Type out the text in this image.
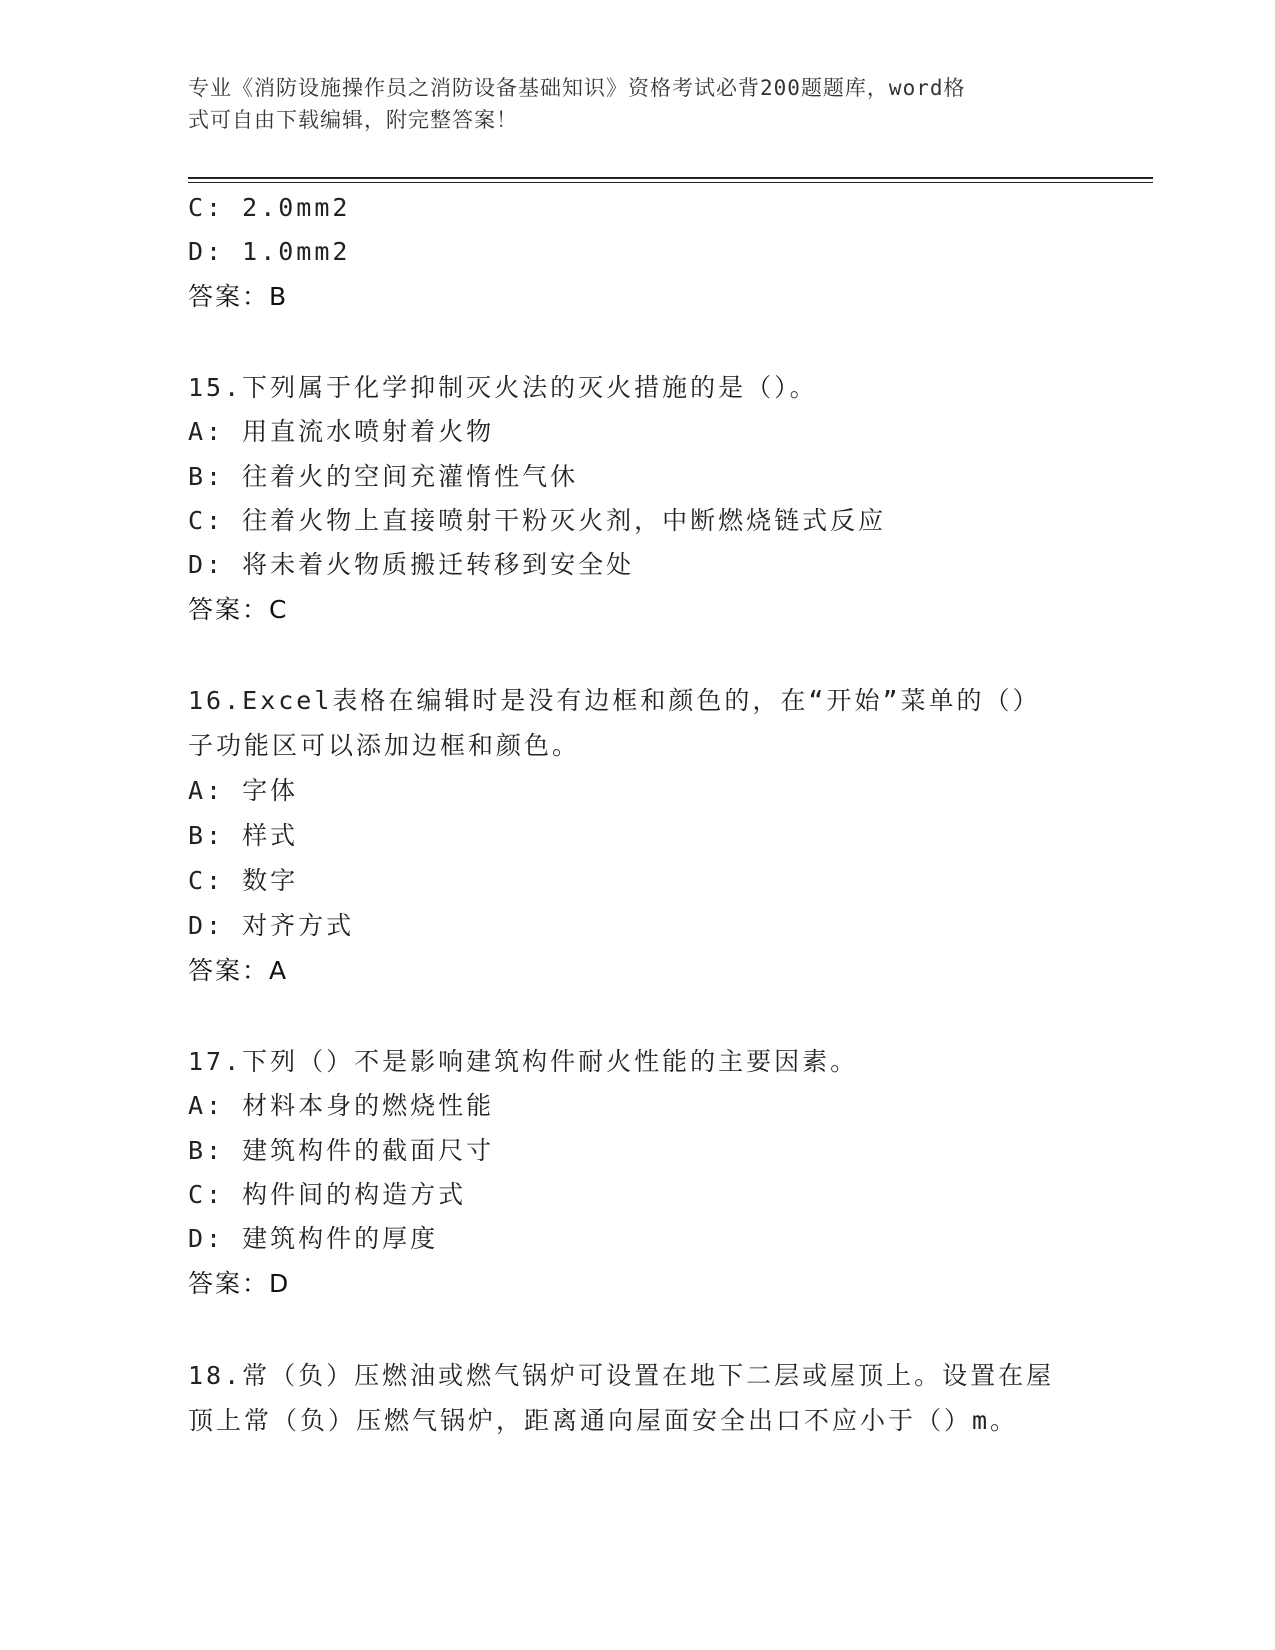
专业《消防设施操作员之消防设备基础知识》资格考试必背200题题库，word格
式可自由下载编辑，附完整答案！
C: 2.0mm2
D: 1.0mm2
答案：B
15.下列属于化学抑制灭火法的灭火措施的是（）。
A: 用直流水喷射着火物
B: 往着火的空间充灌惰性气休
C: 往着火物上直接喷射干粉灭火剂，中断燃烧链式反应
D: 将未着火物质搬迁转移到安全处
答案：C
16.Excel表格在编辑时是没有边框和颜色的，在“开始”菜单的（）
子功能区可以添加边框和颜色。
A: 字体
B: 样式
C: 数字
D: 对齐方式
答案：A
17.下列（）不是影响建筑构件耐火性能的主要因素。
A: 材料本身的燃烧性能
B: 建筑构件的截面尺寸
C: 构件间的构造方式
D: 建筑构件的厚度
答案：D
18.常（负）压燃油或燃气锅炉可设置在地下二层或屋顶上。设置在屋
顶上常（负）压燃气锅炉，距离通向屋面安全出口不应小于（）m。
